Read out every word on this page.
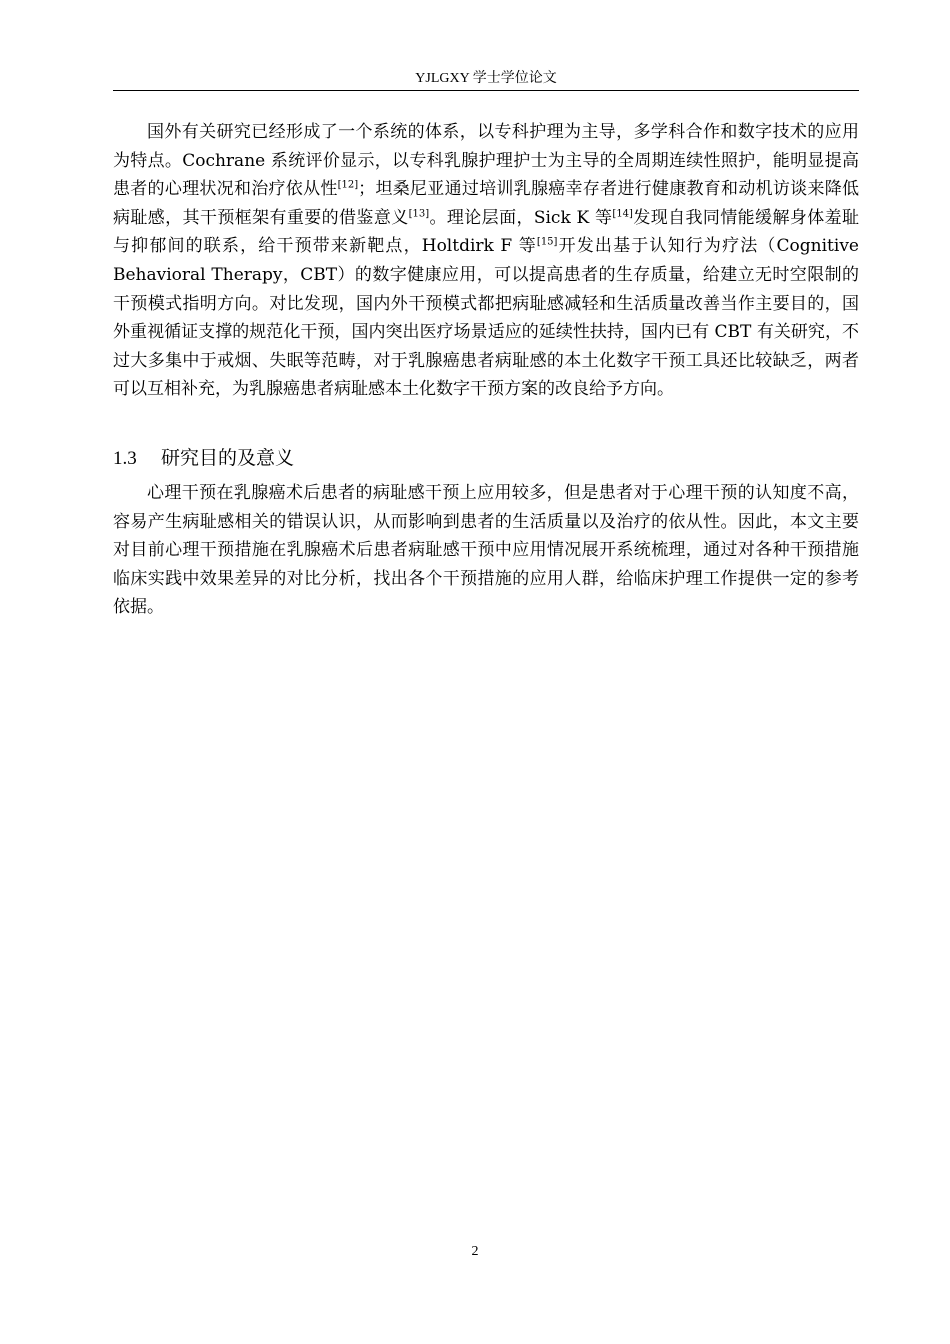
YJLGXY 学士学位论文

国外有关研究已经形成了一个系统的体系，以专科护理为主导，多学科合作和数字技术的应用为特点。Cochrane 系统评价显示，以专科乳腺护理护士为主导的全周期连续性照护，能明显提高患者的心理状况和治疗依从性[12]；坦桑尼亚通过培训乳腺癌幸存者进行健康教育和动机访谈来降低病耻感，其干预框架有重要的借鉴意义[13]。理论层面，Sick K 等[14]发现自我同情能缓解身体羞耻与抑郁间的联系，给干预带来新靶点，Holtdirk F 等[15]开发出基于认知行为疗法（Cognitive Behavioral Therapy，CBT）的数字健康应用，可以提高患者的生存质量，给建立无时空限制的干预模式指明方向。对比发现，国内外干预模式都把病耻感减轻和生活质量改善当作主要目的，国外重视循证支撑的规范化干预，国内突出医疗场景适应的延续性扶持，国内已有 CBT 有关研究，不过大多集中于戒烟、失眠等范畴，对于乳腺癌患者病耻感的本土化数字干预工具还比较缺乏，两者可以互相补充，为乳腺癌患者病耻感本土化数字干预方案的改良给予方向。

1.3 研究目的及意义

心理干预在乳腺癌术后患者的病耻感干预上应用较多，但是患者对于心理干预的认知度不高，容易产生病耻感相关的错误认识，从而影响到患者的生活质量以及治疗的依从性。因此，本文主要对目前心理干预措施在乳腺癌术后患者病耻感干预中应用情况展开系统梳理，通过对各种干预措施临床实践中效果差异的对比分析，找出各个干预措施的应用人群，给临床护理工作提供一定的参考依据。

2
